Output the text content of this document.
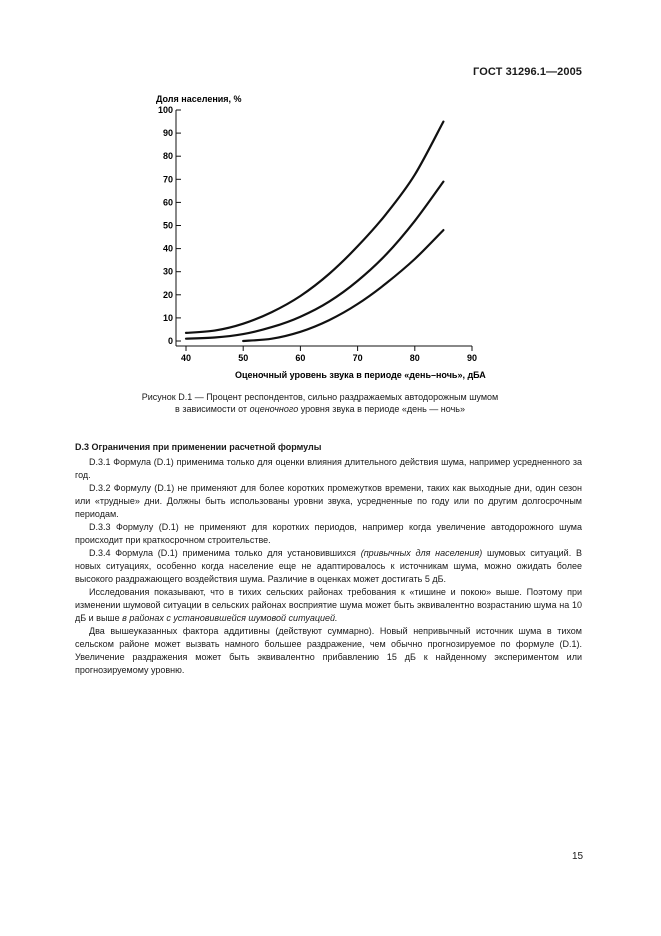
ГОСТ 31296.1—2005
Доля населения, %
0
10
20
30
40
50
60
70
80
90
100
40	50	60	70	80	90
Оценочный уровень звука в периоде «день–ночь», дБА
Рисунок D.1 — Процент респондентов, сильно раздражаемых автодорожным шумом
в зависимости от оценочного уровня звука в периоде «день — ночь»
D.3 Ограничения при применении расчетной формулы

D.3.1 Формула (D.1) применима только для оценки влияния длительного действия шума, например усредненного за год.

D.3.2 Формулу (D.1) не применяют для более коротких промежутков времени, таких как выходные дни, один сезон или «трудные» дни. Должны быть использованы уровни звука, усредненные по году или по другим долгосрочным периодам.

D.3.3 Формулу (D.1) не применяют для коротких периодов, например когда увеличение автодорожного шума происходит при краткосрочном строительстве.

D.3.4 Формула (D.1) применима только для установившихся (привычных для населения) шумовых ситуаций. В новых ситуациях, особенно когда население еще не адаптировалось к источникам шума, можно ожидать более высокого раздражающего воздействия шума. Различие в оценках может достигать 5 дБ.

Исследования показывают, что в тихих сельских районах требования к «тишине и покою» выше. Поэтому при изменении шумовой ситуации в сельских районах восприятие шума может быть эквивалентно возрастанию шума на 10 дБ и выше в районах с установившейся шумовой ситуацией.

Два вышеуказанных фактора аддитивны (действуют суммарно). Новый непривычный источник шума в тихом сельском районе может вызвать намного большее раздражение, чем обычно прогнозируемое по формуле (D.1). Увеличение раздражения может быть эквивалентно прибавлению 15 дБ к найденному экспериментом или прогнозируемому уровню.

15
